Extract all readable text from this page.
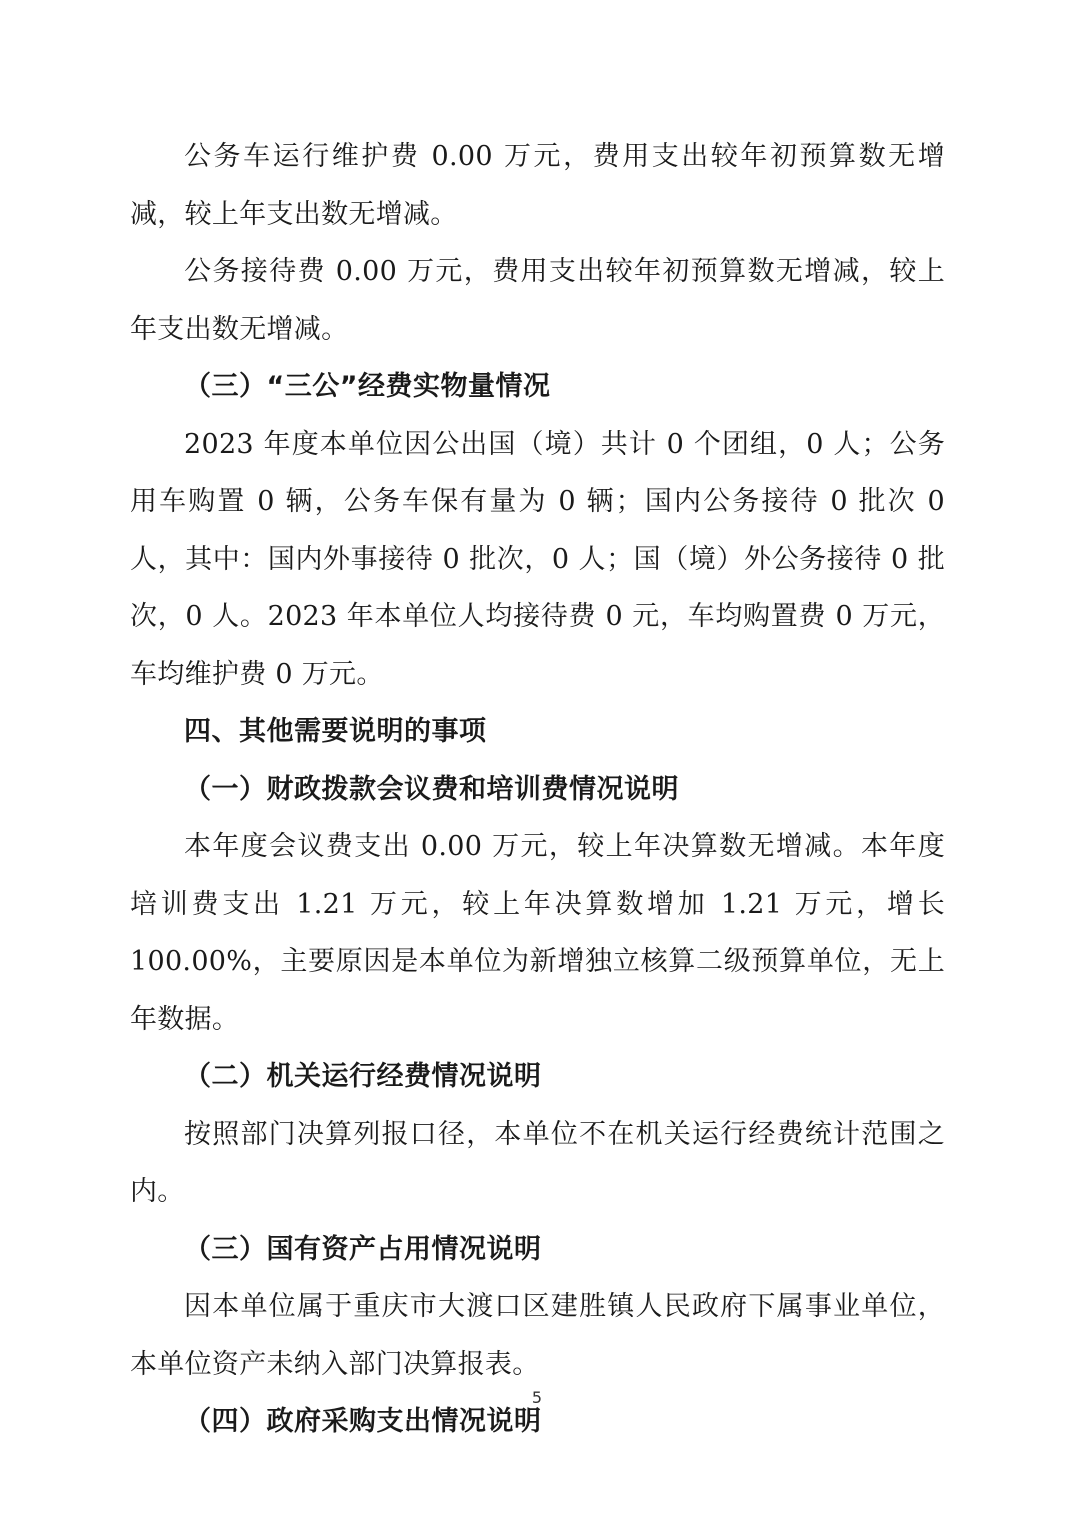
公务车运行维护费 0.00 万元，费用支出较年初预算数无增减，较上年支出数无增减。

公务接待费 0.00 万元，费用支出较年初预算数无增减，较上年支出数无增减。

（三）“三公”经费实物量情况

2023 年度本单位因公出国（境）共计 0 个团组，0 人；公务用车购置 0 辆，公务车保有量为 0 辆；国内公务接待 0 批次 0 人，其中：国内外事接待 0 批次，0 人；国（境）外公务接待 0 批次，0 人。2023 年本单位人均接待费 0 元，车均购置费 0 万元，车均维护费 0 万元。

四、其他需要说明的事项

（一）财政拨款会议费和培训费情况说明

本年度会议费支出 0.00 万元，较上年决算数无增减。本年度培训费支出 1.21 万元，较上年决算数增加 1.21 万元，增长 100.00%，主要原因是本单位为新增独立核算二级预算单位，无上年数据。

（二）机关运行经费情况说明

按照部门决算列报口径，本单位不在机关运行经费统计范围之内。

（三）国有资产占用情况说明

因本单位属于重庆市大渡口区建胜镇人民政府下属事业单位，本单位资产未纳入部门决算报表。

（四）政府采购支出情况说明

5
